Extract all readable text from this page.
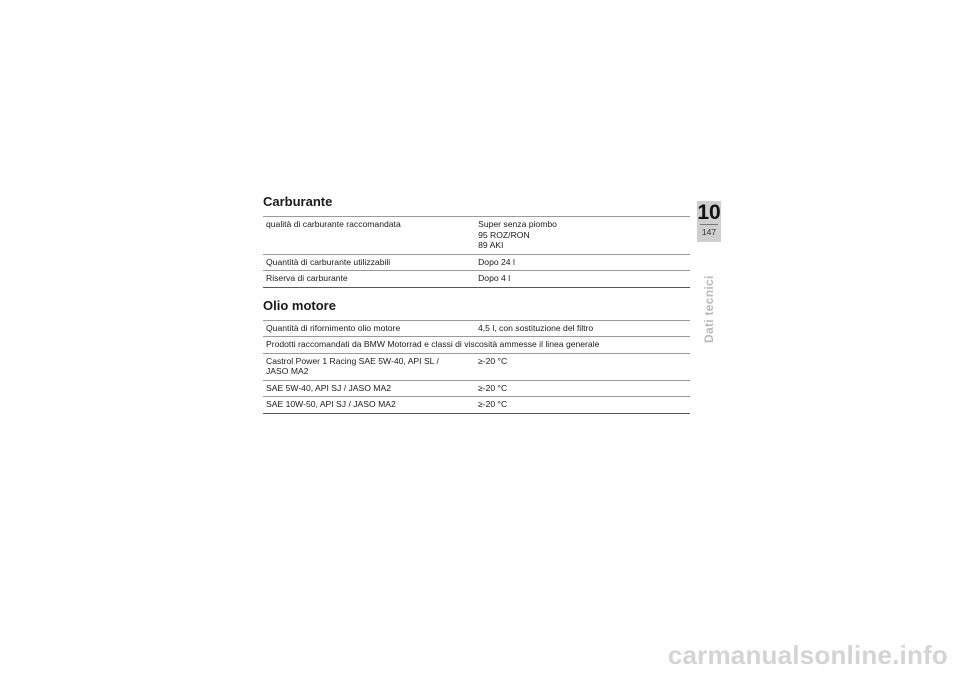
Carburante
qualità di carburante raccomandata	Super senza piombo
95 ROZ/RON
89 AKI

Quantità di carburante utilizzabili	Dopo 24 l
Riserva di carburante	Dopo 4 l
Olio motore
Quantità di rifornimento olio motore	4,5 l, con sostituzione del filtro
Prodotti raccomandati da BMW Motorrad e classi di viscosità ammesse il linea generale	

Castrol Power 1 Racing SAE 5W-40, API SL /
JASO MA2	≥-20 °C
SAE 5W-40, API SJ / JASO MA2	≥-20 °C
SAE 10W-50, API SJ / JASO MA2	≥-20 °C
10
147
Dati tecnici
carmanualsonline.info
